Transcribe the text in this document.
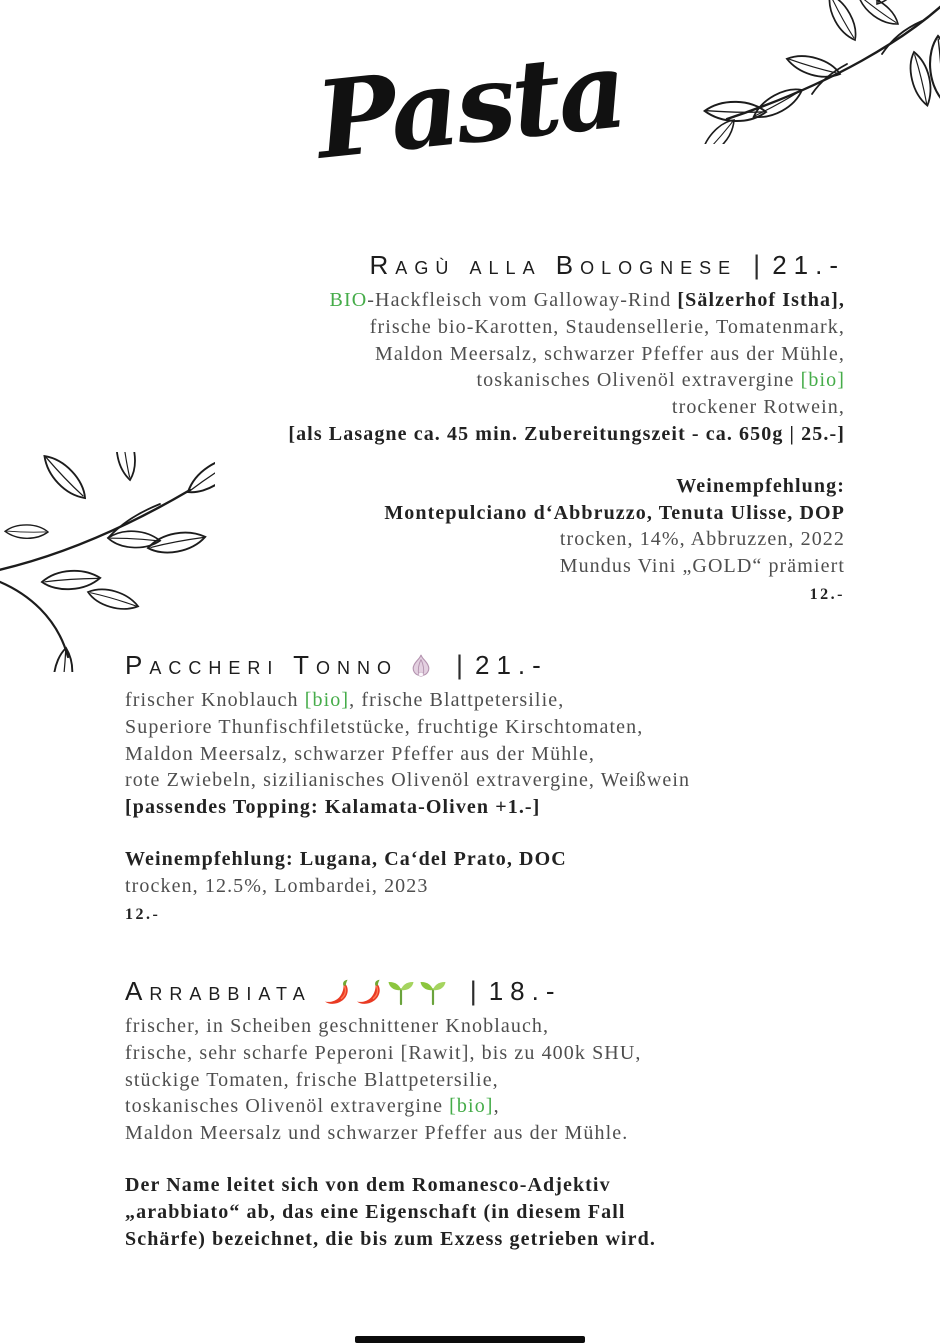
Pasta
Ragù alla Bolognese | 21.-
BIO-Hackfleisch vom Galloway-Rind [Sälzerhof Istha],
frische bio-Karotten, Staudensellerie, Tomatenmark,
Maldon Meersalz, schwarzer Pfeffer aus der Mühle,
toskanisches Olivenöl extravergine [bio]
trockener Rotwein,
[als Lasagne ca. 45 min. Zubereitungszeit - ca. 650g | 25.-]
Weinempfehlung:
Montepulciano d‘Abbruzzo, Tenuta Ulisse, DOP
trocken, 14%, Abbruzzen, 2022
Mundus Vini „GOLD“ prämiert
12.-
Paccheri Tonno | 21.-
frischer Knoblauch [bio], frische Blattpetersilie,
Superiore Thunfischfiletstücke, fruchtige Kirschtomaten,
Maldon Meersalz, schwarzer Pfeffer aus der Mühle,
rote Zwiebeln, sizilianisches Olivenöl extravergine, Weißwein
[passendes Topping: Kalamata-Oliven +1.-]
Weinempfehlung: Lugana, Ca‘del Prato, DOC
trocken, 12.5%, Lombardei, 2023
12.-
Arrabbiata	| 18.-
frischer, in Scheiben geschnittener Knoblauch,
frische, sehr scharfe Peperoni [Rawit], bis zu 400k SHU,
stückige Tomaten, frische Blattpetersilie,
toskanisches Olivenöl extravergine [bio],
Maldon Meersalz und schwarzer Pfeffer aus der Mühle.
Der Name leitet sich von dem Romanesco-Adjektiv
„arabbiato“ ab, das eine Eigenschaft (in diesem Fall
Schärfe) bezeichnet, die bis zum Exzess getrieben wird.
